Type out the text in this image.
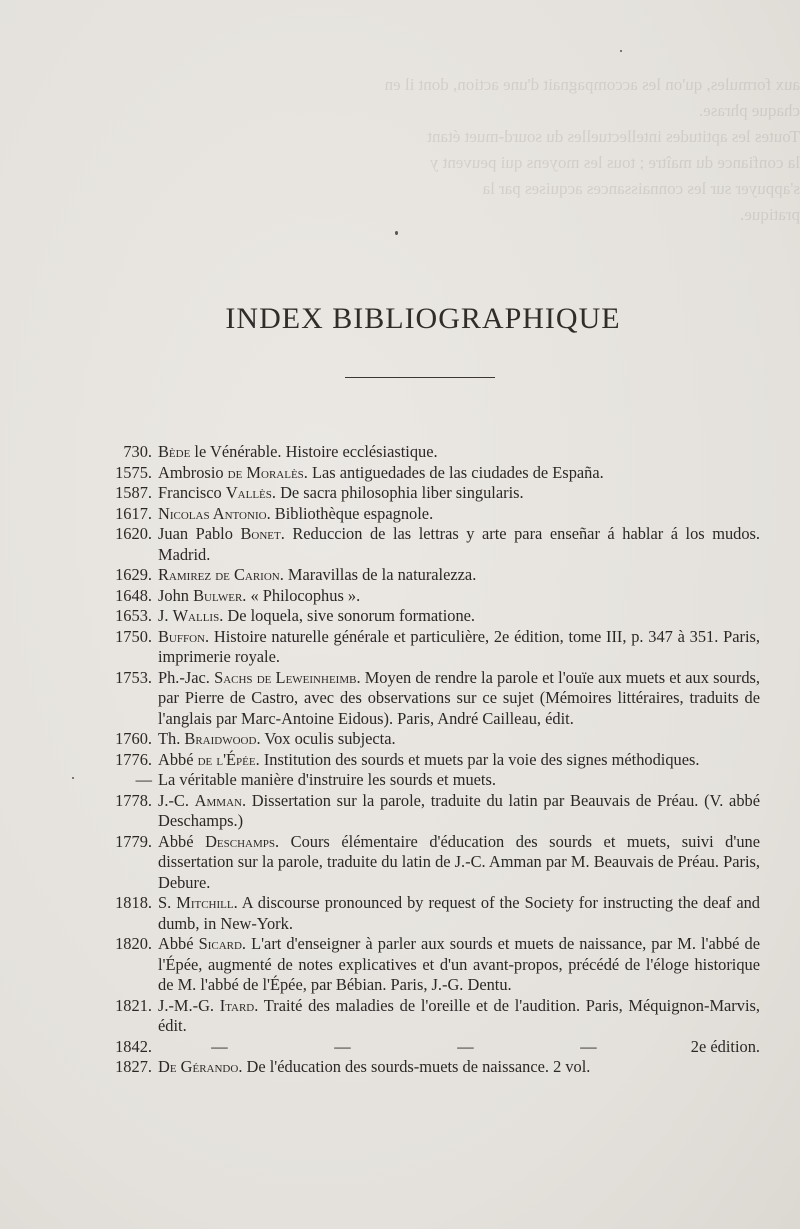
aux formules, qu'on les accompagnait d'une action, dont il en
chaque phrase.
Toutes les aptitudes intellectuelles du sourd-muet étant
la confiance du maître ; tous les moyens qui peuvent y
s'appuyer sur les connaissances acquises par la
pratique.
INDEX BIBLIOGRAPHIQUE
730. Bède le Vénérable. Histoire ecclésiastique.
1575. Ambrosio de Moralès. Las antiguedades de las ciudades de España.
1587. Francisco Vallès. De sacra philosophia liber singularis.
1617. Nicolas Antonio. Bibliothèque espagnole.
1620. Juan Pablo Bonet. Reduccion de las lettras y arte para enseñar á hablar á los mudos. Madrid.
1629. Ramirez de Carion. Maravillas de la naturalezza.
1648. John Bulwer. « Philocophus ».
1653. J. Wallis. De loquela, sive sonorum formatione.
1750. Buffon. Histoire naturelle générale et particulière, 2e édition, tome III, p. 347 à 351. Paris, imprimerie royale.
1753. Ph.-Jac. Sachs de Leweinheimb. Moyen de rendre la parole et l'ouïe aux muets et aux sourds, par Pierre de Castro, avec des observations sur ce sujet (Mémoires littéraires, traduits de l'anglais par Marc-Antoine Eidous). Paris, André Cailleau, édit.
1760. Th. Braidwood. Vox oculis subjecta.
1776. Abbé de l'Épée. Institution des sourds et muets par la voie des signes méthodiques.
— La véritable manière d'instruire les sourds et muets.
1778. J.-C. Amman. Dissertation sur la parole, traduite du latin par Beauvais de Préau. (V. abbé Deschamps.)
1779. Abbé Deschamps. Cours élémentaire d'éducation des sourds et muets, suivi d'une dissertation sur la parole, traduite du latin de J.-C. Amman par M. Beauvais de Préau. Paris, Debure.
1818. S. Mitchill. A discourse pronounced by request of the Society for instructing the deaf and dumb, in New-York.
1820. Abbé Sicard. L'art d'enseigner à parler aux sourds et muets de naissance, par M. l'abbé de l'Épée, augmenté de notes explicatives et d'un avant-propos, précédé de l'éloge historique de M. l'abbé de l'Épée, par Bébian. Paris, J.-G. Dentu.
1821. J.-M.-G. Itard. Traité des maladies de l'oreille et de l'audition. Paris, Méquignon-Marvis, édit.
1842.	—	—	—	—	2e édition.
1827. De Gérando. De l'éducation des sourds-muets de naissance. 2 vol.
